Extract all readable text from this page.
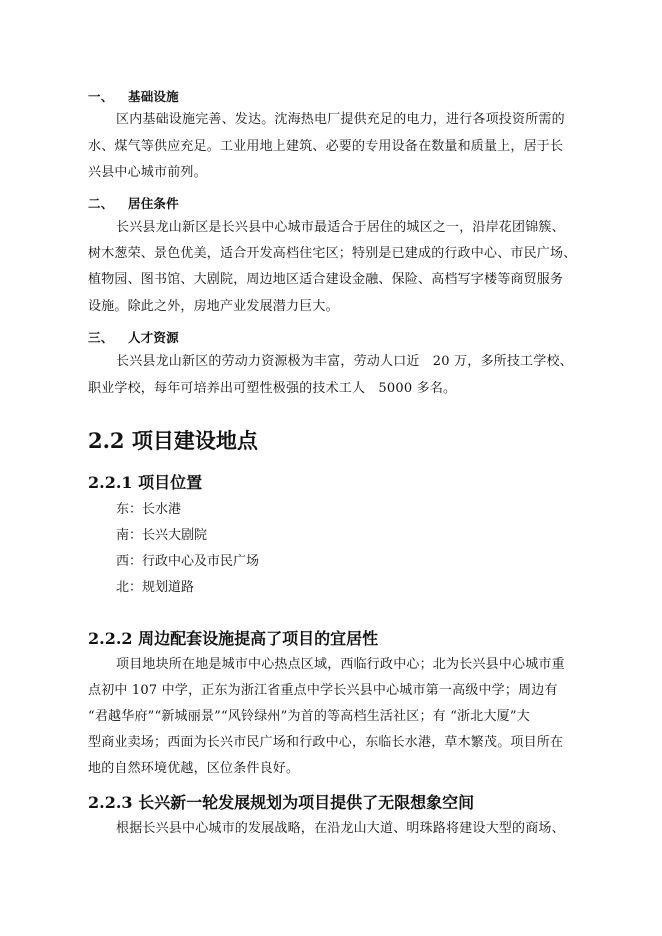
一、 基础设施
区内基础设施完善、发达。沈海热电厂提供充足的电力，进行各项投资所需的
水、煤气等供应充足。工业用地上建筑、必要的专用设备在数量和质量上，居于长
兴县中心城市前列。
二、 居住条件
长兴县龙山新区是长兴县中心城市最适合于居住的城区之一，沿岸花团锦簇、
树木葱荣、景色优美，适合开发高档住宅区；特别是已建成的行政中心、市民广场、
植物园、图书馆、大剧院，周边地区适合建设金融、保险、高档写字楼等商贸服务
设施。除此之外，房地产业发展潜力巨大。
三、 人才资源
长兴县龙山新区的劳动力资源极为丰富，劳动人口近　20 万，多所技工学校、
职业学校，每年可培养出可塑性极强的技术工人　5000 多名。
2.2 项目建设地点
2.2.1 项目位置
东：长水港
南：长兴大剧院
西：行政中心及市民广场
北：规划道路
2.2.2 周边配套设施提高了项目的宜居性
项目地块所在地是城市中心热点区域，西临行政中心；北为长兴县中心城市重
点初中 107 中学，正东为浙江省重点中学长兴县中心城市第一高级中学；周边有
“君越华府”“新城丽景”“风铃绿州”为首的等高档生活社区；有 “浙北大厦”大
型商业卖场；西面为长兴市民广场和行政中心，东临长水港，草木繁茂。项目所在
地的自然环境优越，区位条件良好。
2.2.3 长兴新一轮发展规划为项目提供了无限想象空间
根据长兴县中心城市的发展战略，在沿龙山大道、明珠路将建设大型的商场、
